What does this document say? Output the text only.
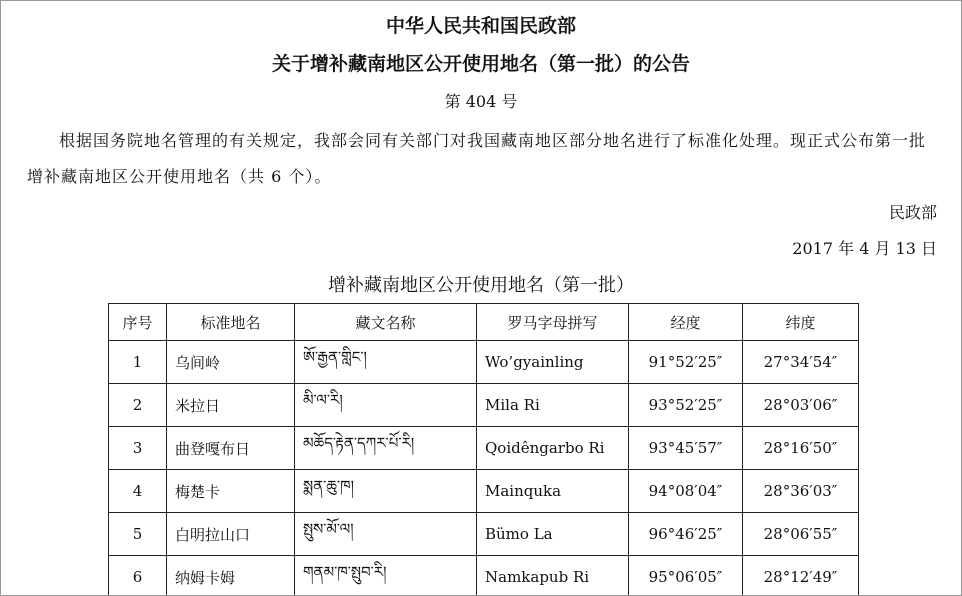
中华人民共和国民政部
关于增补藏南地区公开使用地名（第一批）的公告
第 404 号
根据国务院地名管理的有关规定，我部会同有关部门对我国藏南地区部分地名进行了标准化处理。现正式公布第一批增补藏南地区公开使用地名（共 6 个）。
民政部
2017 年 4 月 13 日
增补藏南地区公开使用地名（第一批）
序号	标准地名	藏文名称	罗马字母拼写	经度	纬度
1	乌间岭	ཨོ་རྒྱན་གླིང་།	Wo’gyainling	91°52′25″	27°34′54″
2	米拉日	མི་ལ་རི།	Mila Ri	93°52′25″	28°03′06″
3	曲登嘎布日	མཆོད་རྟེན་དཀར་པོ་རི།	Qoidêngarbo Ri	93°45′57″	28°16′50″
4	梅楚卡	སྨན་ཆུ་ཁ།	Mainquka	94°08′04″	28°36′03″
5	白明拉山口	སྤུས་མོ་ལ།	Bümo La	96°46′25″	28°06′55″
6	纳姆卡姆	གནམ་ཁ་སྤུབ་རི།	Namkapub Ri	95°06′05″	28°12′49″
